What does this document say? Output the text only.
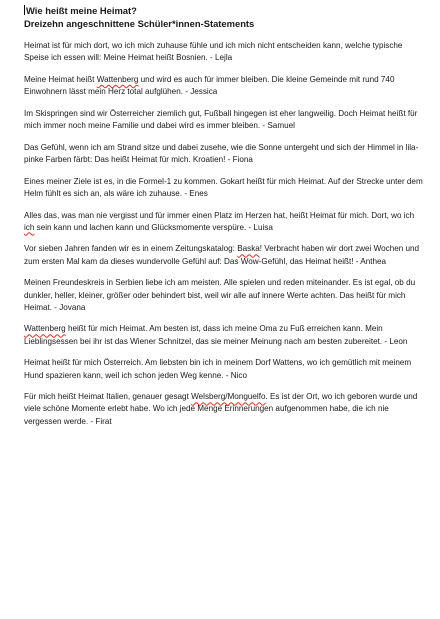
Wie heißt meine Heimat?
Dreizehn angeschnittene Schüler*innen-Statements

Heimat ist für mich dort, wo ich mich zuhause fühle und ich mich nicht entscheiden kann, welche typische Speise ich essen will: Meine Heimat heißt Bosnien. - Lejla

Meine Heimat heißt Wattenberg und wird es auch für immer bleiben. Die kleine Gemeinde mit rund 740 Einwohnern lässt mein Herz total aufglühen. - Jessica

Im Skispringen sind wir Österreicher ziemlich gut, Fußball hingegen ist eher langweilig. Doch Heimat heißt für mich immer noch meine Familie und dabei wird es immer bleiben. - Samuel

Das Gefühl, wenn ich am Strand sitze und dabei zusehe, wie die Sonne untergeht und sich der Himmel in lila-pinke Farben färbt: Das heißt Heimat für mich. Kroatien! - Fiona

Eines meiner Ziele ist es, in die Formel-1 zu kommen. Gokart heißt für mich Heimat. Auf der Strecke unter dem Helm fühlt es sich an, als wäre ich zuhause. - Enes

Alles das, was man nie vergisst und für immer einen Platz im Herzen hat, heißt Heimat für mich. Dort, wo ich ich sein kann und lachen kann und Glücksmomente verspüre. - Luisa

Vor sieben Jahren fanden wir es in einem Zeitungskatalog: Baska! Verbracht haben wir dort zwei Wochen und zum ersten Mal kam da dieses wundervolle Gefühl auf: Das Wow-Gefühl, das Heimat heißt! - Anthea

Meinen Freundeskreis in Serbien liebe ich am meisten. Alle spielen und reden miteinander. Es ist egal, ob du dunkler, heller, kleiner, größer oder behindert bist, weil wir alle auf innere Werte achten. Das heißt für mich Heimat. - Jovana

Wattenberg heißt für mich Heimat. Am besten ist, dass ich meine Oma zu Fuß erreichen kann. Mein Lieblingsessen bei ihr ist das Wiener Schnitzel, das sie meiner Meinung nach am besten zubereitet. - Leon

Heimat heißt für mich Österreich. Am liebsten bin ich in meinem Dorf Wattens, wo ich gemütlich mit meinem Hund spazieren kann, weil ich schon jeden Weg kenne. - Nico

Für mich heißt Heimat Italien, genauer gesagt Welsberg/Monguelfo. Es ist der Ort, wo ich geboren wurde und viele schöne Momente erlebt habe. Wo ich jede Menge Erinnerungen aufgenommen habe, die ich nie vergessen werde. - Firat
